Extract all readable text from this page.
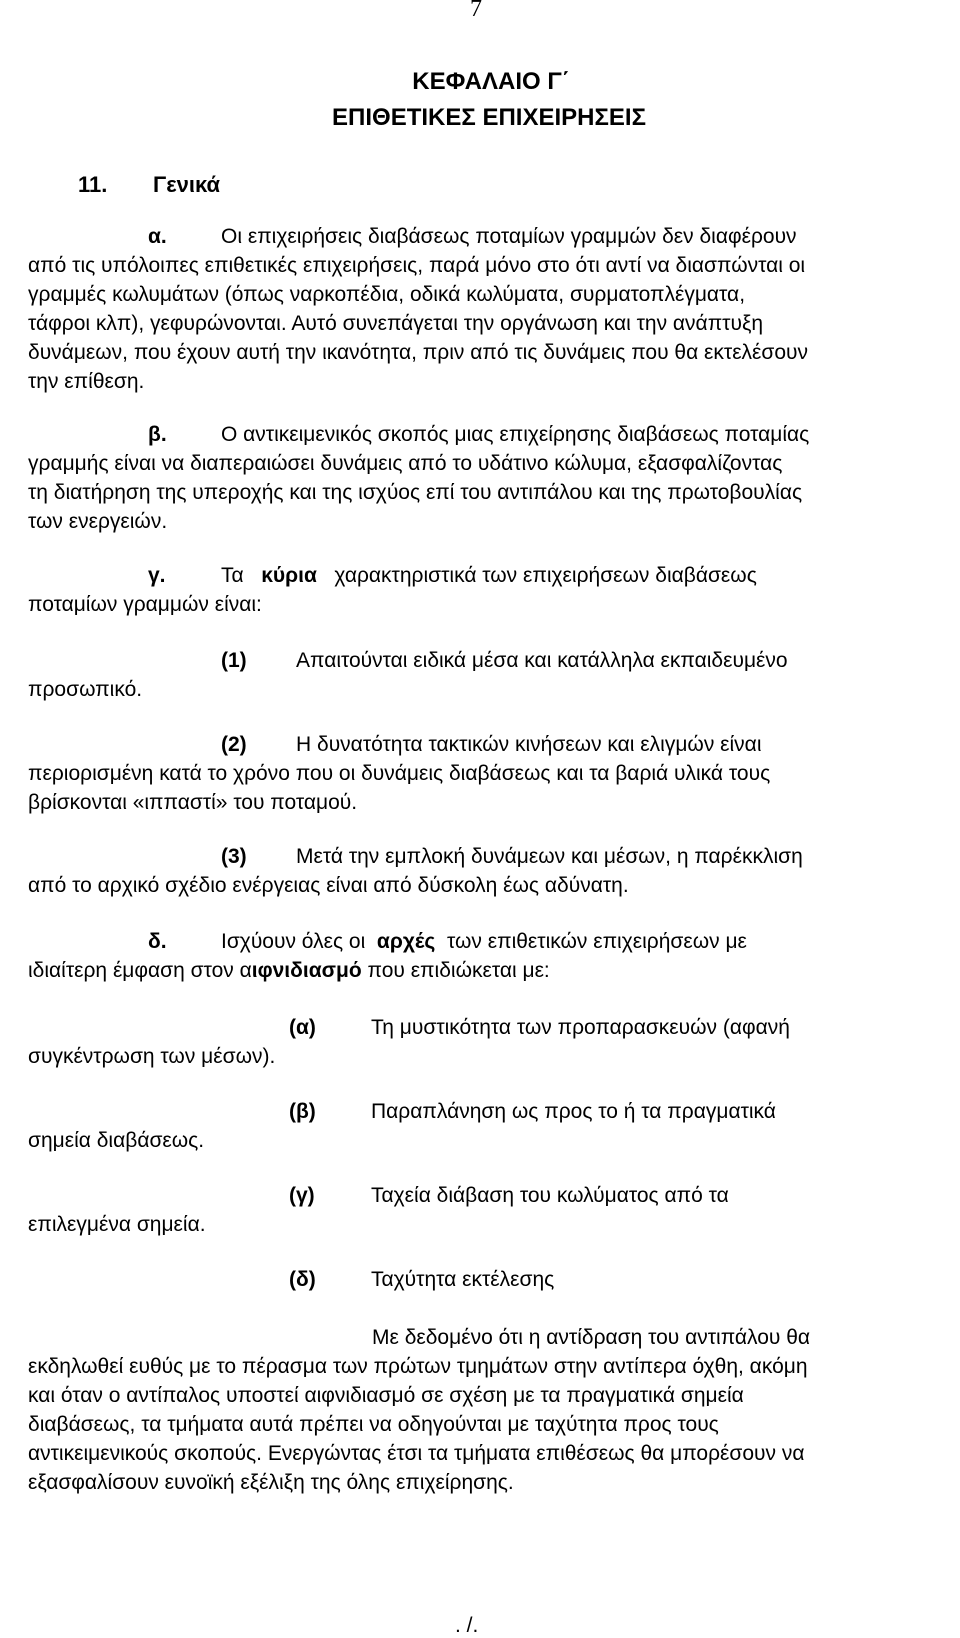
7
ΚΕΦΑΛΑΙΟ Γ΄
ΕΠΙΘΕΤΙΚΕΣ ΕΠΙΧΕΙΡΗΣΕΙΣ
11. Γενικά
α.	Οι επιχειρήσεις διαβάσεως ποταμίων γραμμών δεν διαφέρουν
από τις υπόλοιπες επιθετικές επιχειρήσεις, παρά μόνο στο ότι αντί να διασπώνται οι
γραμμές κωλυμάτων (όπως ναρκοπέδια, οδικά κωλύματα, συρματοπλέγματα,
τάφροι κλπ), γεφυρώνονται. Αυτό συνεπάγεται την οργάνωση και την ανάπτυξη
δυνάμεων, που έχουν αυτή την ικανότητα, πριν από τις δυνάμεις που θα εκτελέσουν
την επίθεση.
β.	Ο αντικειμενικός σκοπός μιας επιχείρησης διαβάσεως ποταμίας
γραμμής είναι να διαπεραιώσει δυνάμεις από το υδάτινο κώλυμα, εξασφαλίζοντας
τη διατήρηση της υπεροχής και της ισχύος επί του αντιπάλου και της πρωτοβουλίας
των ενεργειών.
γ.	Τα κύρια χαρακτηριστικά των επιχειρήσεων διαβάσεως
ποταμίων γραμμών είναι:
(1) Απαιτούνται ειδικά μέσα και κατάλληλα εκπαιδευμένο
προσωπικό.
(2) Η δυνατότητα τακτικών κινήσεων και ελιγμών είναι
περιορισμένη κατά το χρόνο που οι δυνάμεις διαβάσεως και τα βαριά υλικά τους
βρίσκονται «ιππαστί» του ποταμού.
(3) Μετά την εμπλοκή δυνάμεων και μέσων, η παρέκκλιση
από το αρχικό σχέδιο ενέργειας είναι από δύσκολη έως αδύνατη.
δ.	Ισχύουν όλες οι αρχές των επιθετικών επιχειρήσεων με
ιδιαίτερη έμφαση στον αιφνιδιασμό που επιδιώκεται με:
(α)	Τη μυστικότητα των προπαρασκευών (αφανή
συγκέντρωση των μέσων).
(β)	Παραπλάνηση ως προς το ή τα πραγματικά
σημεία διαβάσεως.
(γ)	Ταχεία διάβαση του κωλύματος από τα
επιλεγμένα σημεία.
(δ)	Ταχύτητα εκτέλεσης
Με δεδομένο ότι η αντίδραση του αντιπάλου θα
εκδηλωθεί ευθύς με το πέρασμα των πρώτων τμημάτων στην αντίπερα όχθη, ακόμη
και όταν ο αντίπαλος υποστεί αιφνιδιασμό σε σχέση με τα πραγματικά σημεία
διαβάσεως, τα τμήματα αυτά πρέπει να οδηγούνται με ταχύτητα προς τους
αντικειμενικούς σκοπούς. Ενεργώντας έτσι τα τμήματα επιθέσεως θα μπορέσουν να
εξασφαλίσουν ευνοϊκή εξέλιξη της όλης επιχείρησης.
. /.
